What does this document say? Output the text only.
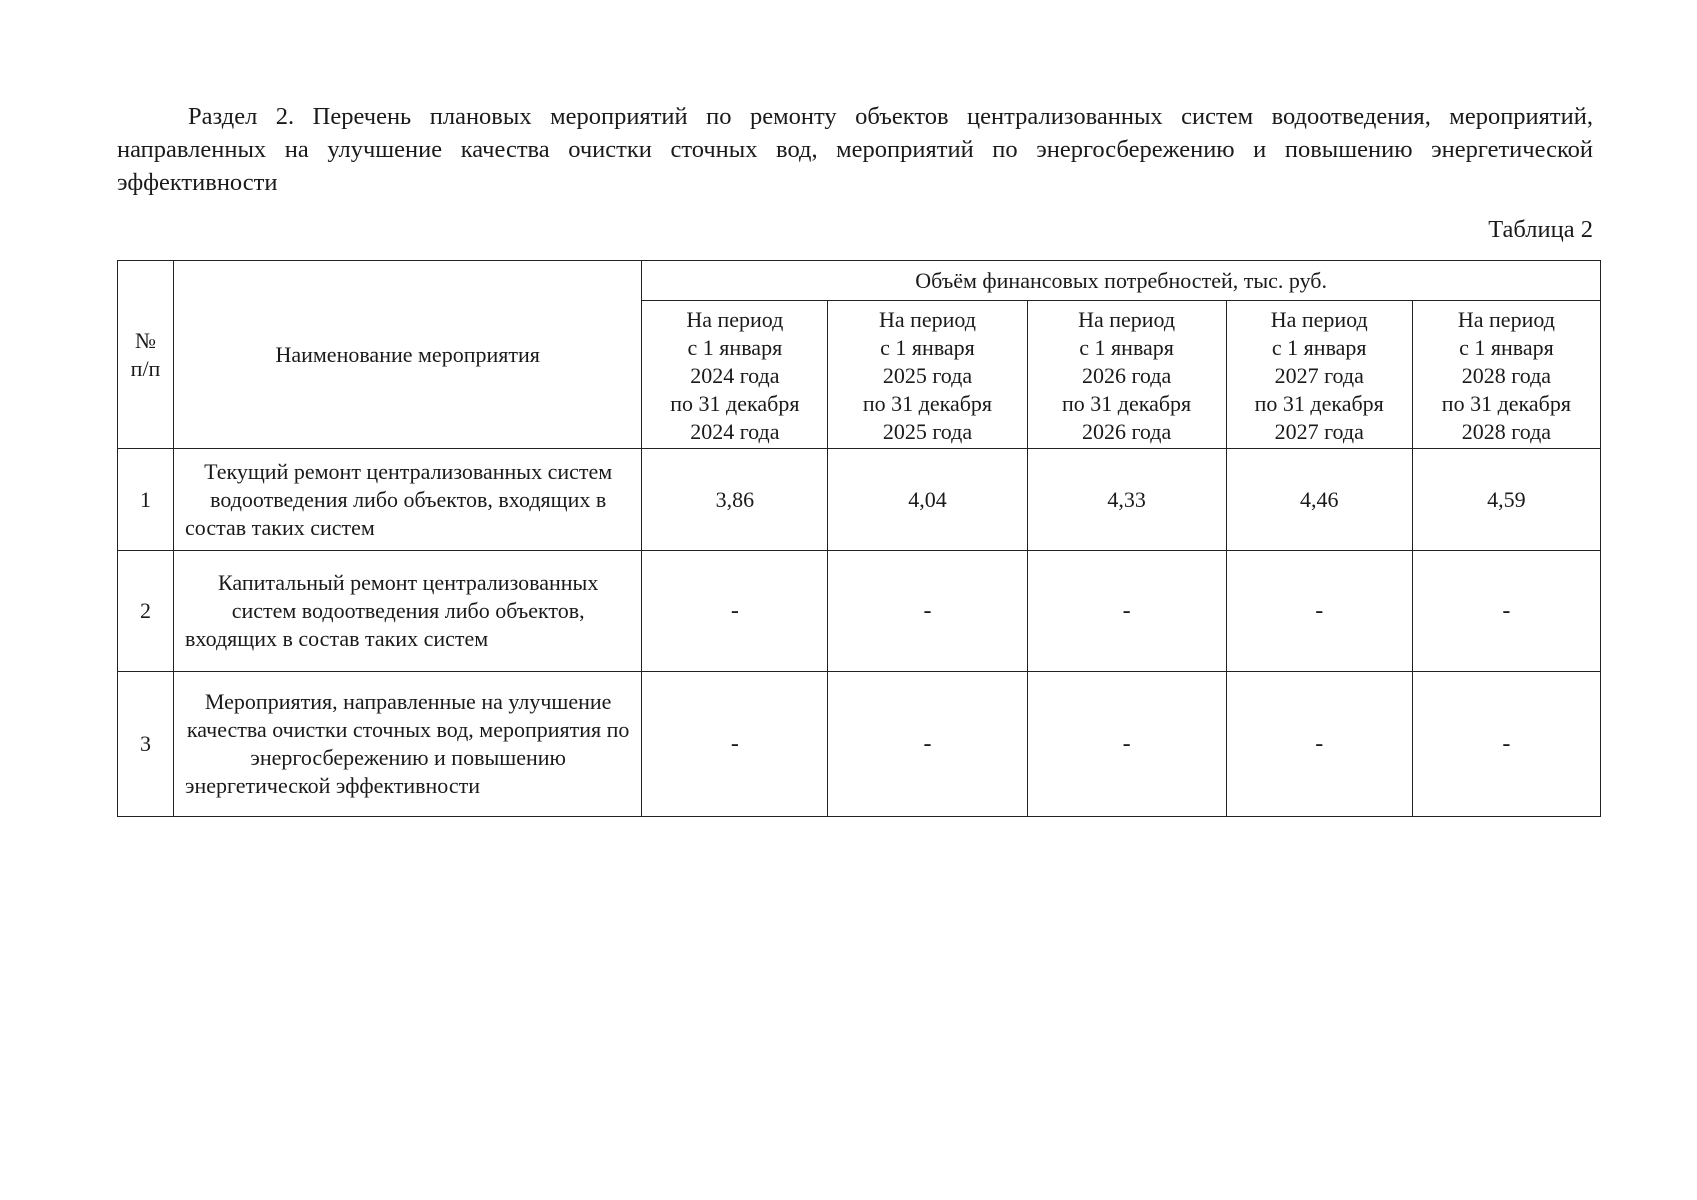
Раздел 2. Перечень плановых мероприятий по ремонту объектов централизованных систем водоотведения, мероприятий, направленных на улучшение качества очистки сточных вод, мероприятий по энергосбережению и повышению энергетической эффективности

Таблица 2

№
п/п	Наименование мероприятия	Объём финансовых потребностей, тыс. руб.				

		На период
с 1 января
2024 года
по 31 декабря
2024 года	На период
с 1 января
2025 года
по 31 декабря
2025 года	На период
с 1 января
2026 года
по 31 декабря
2026 года	На период
с 1 января
2027 года
по 31 декабря
2027 года	На период
с 1 января
2028 года
по 31 декабря
2028 года

1	Текущий ремонт централизованных систем водоотведения либо объектов, входящих в состав таких систем	3,86	4,04	4,33	4,46	4,59
2	Капитальный ремонт централизованных систем водоотведения либо объектов, входящих в состав таких систем	-	-	-	-	-
3	Мероприятия, направленные на улучшение качества очистки сточных вод, мероприятия по энергосбережению и повышению энергетической эффективности	-	-	-	-	-
